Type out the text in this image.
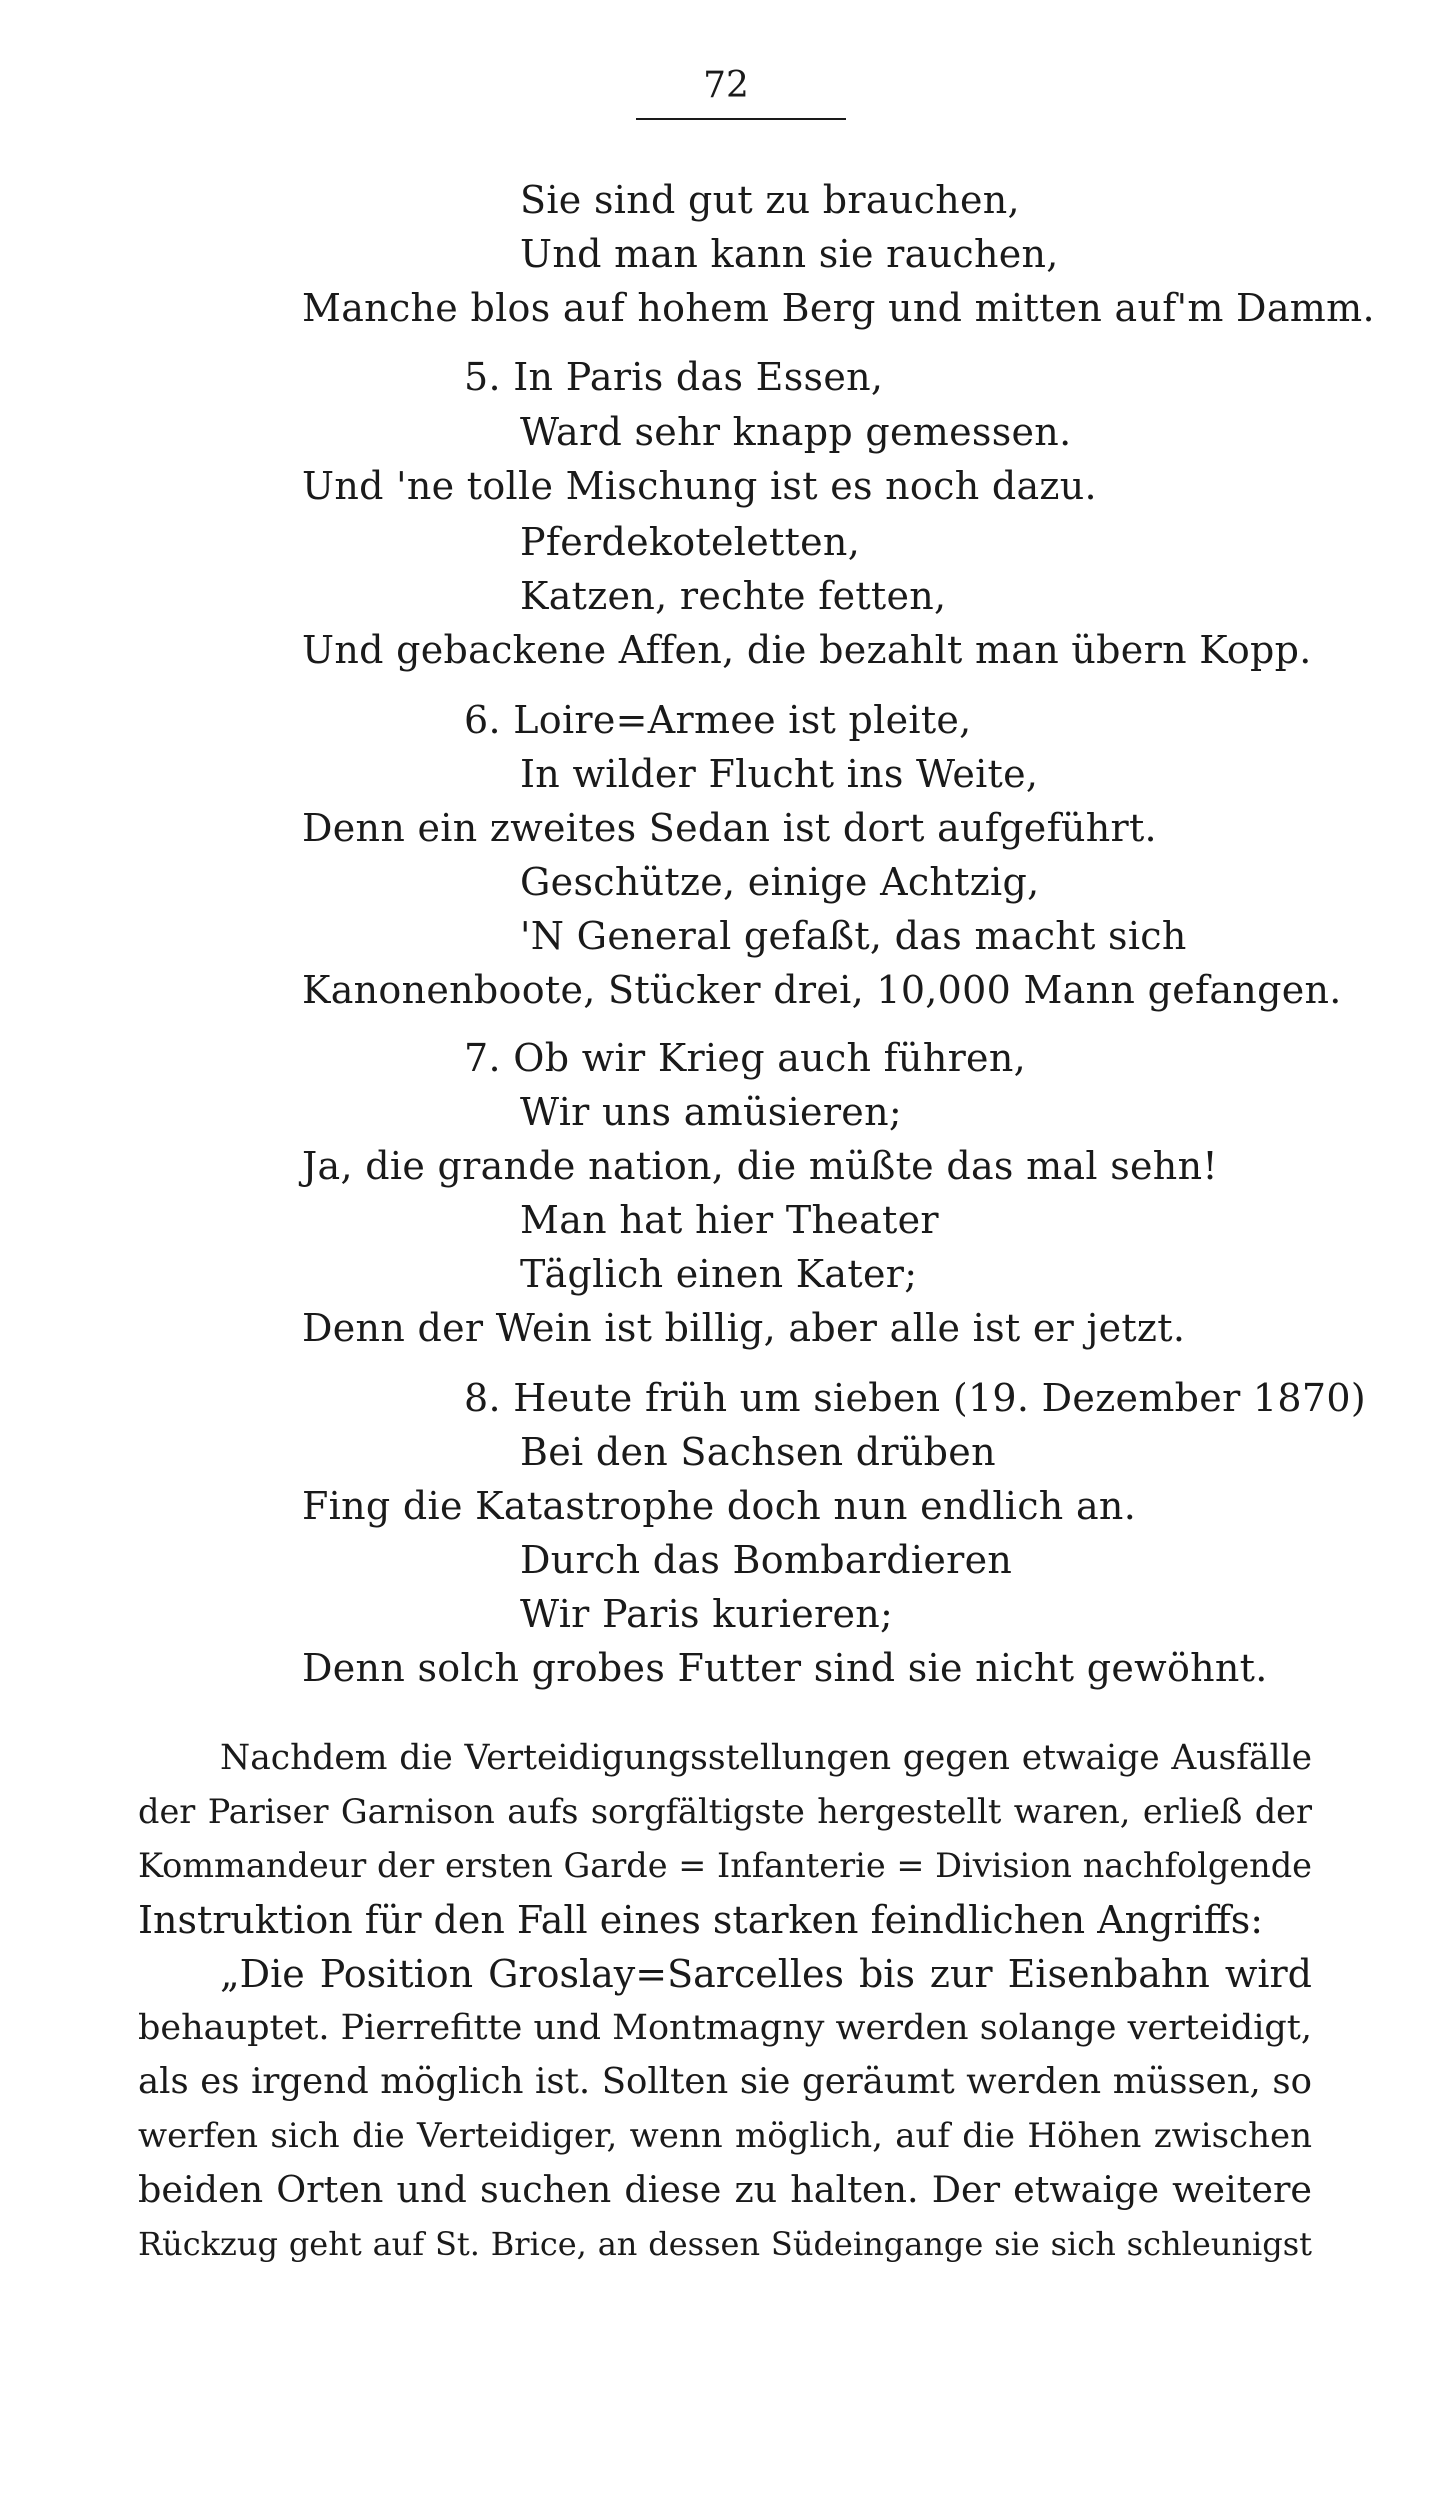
72
Sie sind gut zu brauchen,
Und man kann sie rauchen,
Manche blos auf hohem Berg und mitten auf'm Damm.
5. In Paris das Essen,
Ward sehr knapp gemessen.
Und 'ne tolle Mischung ist es noch dazu.
Pferdekoteletten,
Katzen, rechte fetten,
Und gebackene Affen, die bezahlt man übern Kopp.
6. Loire=Armee ist pleite,
In wilder Flucht ins Weite,
Denn ein zweites Sedan ist dort aufgeführt.
Geschütze, einige Achtzig,
'N General gefaßt, das macht sich
Kanonenboote, Stücker drei, 10,000 Mann gefangen.
7. Ob wir Krieg auch führen,
Wir uns amüsieren;
Ja, die grande nation, die müßte das mal sehn!
Man hat hier Theater
Täglich einen Kater;
Denn der Wein ist billig, aber alle ist er jetzt.
8. Heute früh um sieben (19. Dezember 1870)
Bei den Sachsen drüben
Fing die Katastrophe doch nun endlich an.
Durch das Bombardieren
Wir Paris kurieren;
Denn solch grobes Futter sind sie nicht gewöhnt.
Nachdem die Verteidigungsstellungen gegen etwaige Ausfälle
der Pariser Garnison aufs sorgfältigste hergestellt waren, erließ der
Kommandeur der ersten Garde = Infanterie = Division nachfolgende
Instruktion für den Fall eines starken feindlichen Angriffs:
„Die Position Groslay=Sarcelles bis zur Eisenbahn wird
behauptet. Pierrefitte und Montmagny werden solange verteidigt,
als es irgend möglich ist. Sollten sie geräumt werden müssen, so
werfen sich die Verteidiger, wenn möglich, auf die Höhen zwischen
beiden Orten und suchen diese zu halten. Der etwaige weitere
Rückzug geht auf St. Brice, an dessen Südeingange sie sich schleunigst
